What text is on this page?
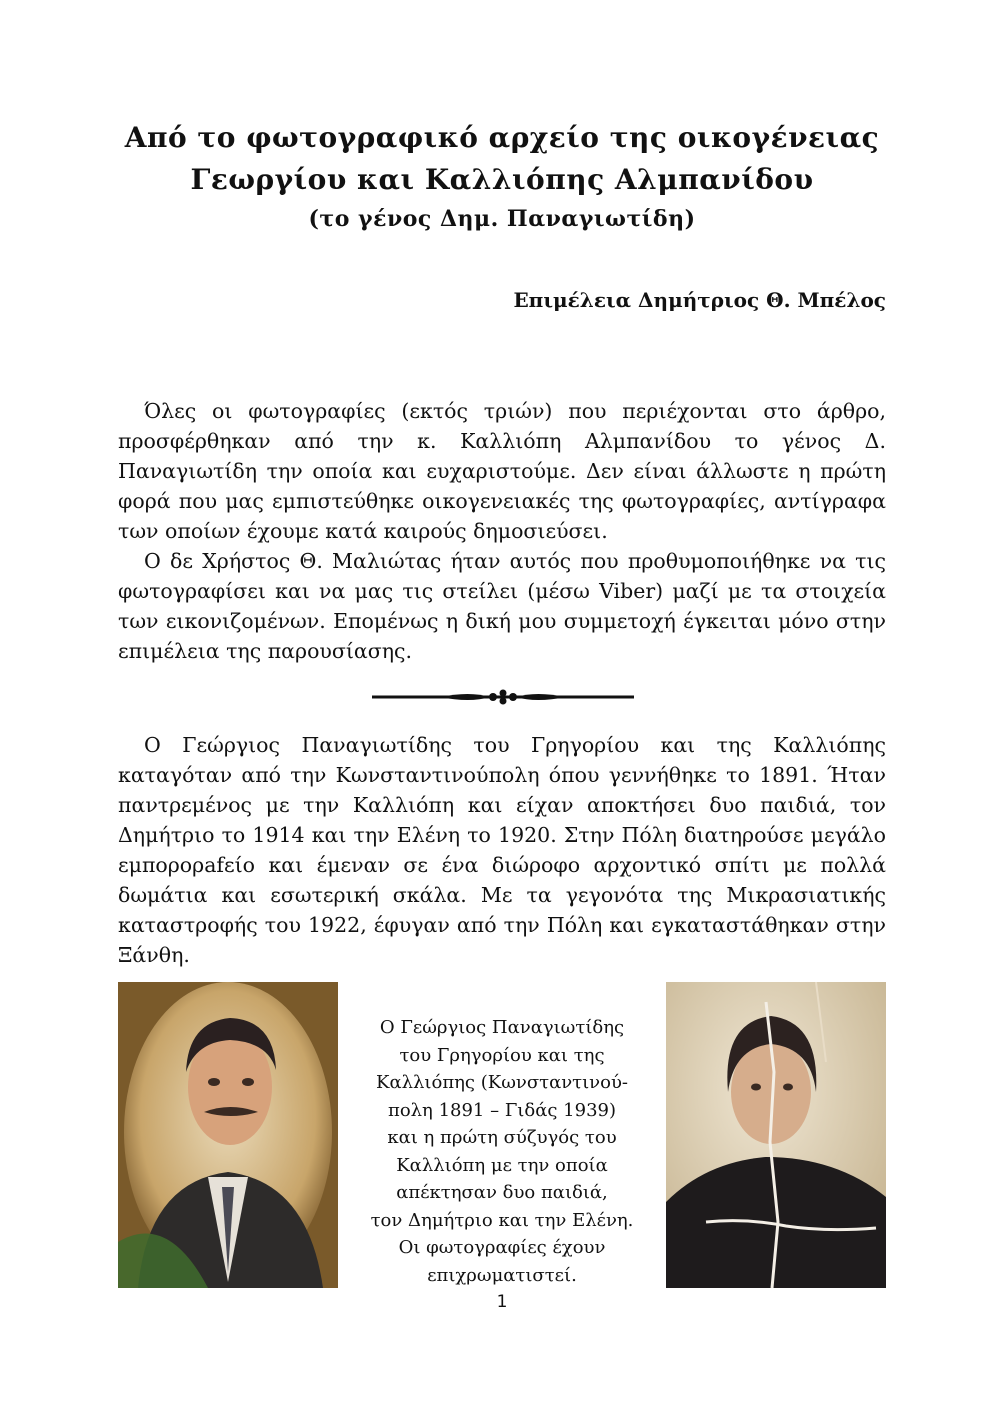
Από το φωτογραφικό αρχείο της οικογένειας
Γεωργίου και Καλλιόπης Αλμπανίδου
(το γένος Δημ. Παναγιωτίδη)
Επιμέλεια Δημήτριος Θ. Μπέλος

Όλες οι φωτογραφίες (εκτός τριών) που περιέχονται στο άρθρο, προσφέρθηκαν από την κ. Καλλιόπη Αλμπανίδου το γένος Δ. Παναγιωτίδη την οποία και ευχαριστούμε. Δεν είναι άλλωστε η πρώτη φορά που μας εμπιστεύθηκε οικογενειακές της φωτογραφίες, αντίγραφα των οποίων έχουμε κατά καιρούς δημοσιεύσει.

Ο δε Χρήστος Θ. Μαλιώτας ήταν αυτός που προθυμοποιήθηκε να τις φωτογραφίσει και να μας τις στείλει (μέσω Viber) μαζί με τα στοιχεία των εικονιζομένων. Επομένως η δική μου συμμετοχή έγκειται μόνο στην επιμέλεια της παρουσίασης.

Ο Γεώργιος Παναγιωτίδης του Γρηγορίου και της Καλλιόπης καταγόταν από την Κωνσταντινούπολη όπου γεννήθηκε το 1891. Ήταν παντρεμένος με την Καλλιόπη και είχαν αποκτήσει δυο παιδιά, τον Δημήτριο το 1914 και την Ελένη το 1920. Στην Πόλη διατηρούσε μεγάλο εμπορορafείο και έμεναν σε ένα διώροφο αρχοντικό σπίτι με πολλά δωμάτια και εσωτερική σκάλα. Με τα γεγονότα της Μικρασιατικής καταστροφής του 1922, έφυγαν από την Πόλη και εγκαταστάθηκαν στην Ξάνθη.

Ο Γεώργιος Παναγιωτίδης
του Γρηγορίου και της
Καλλιόπης (Κωνσταντινού-
πολη 1891 – Γιδάς 1939)
και η πρώτη σύζυγός του
Καλλιόπη με την οποία
απέκτησαν δυο παιδιά,
τον Δημήτριο και την Ελένη.
Οι φωτογραφίες έχουν
επιχρωματιστεί.
1
